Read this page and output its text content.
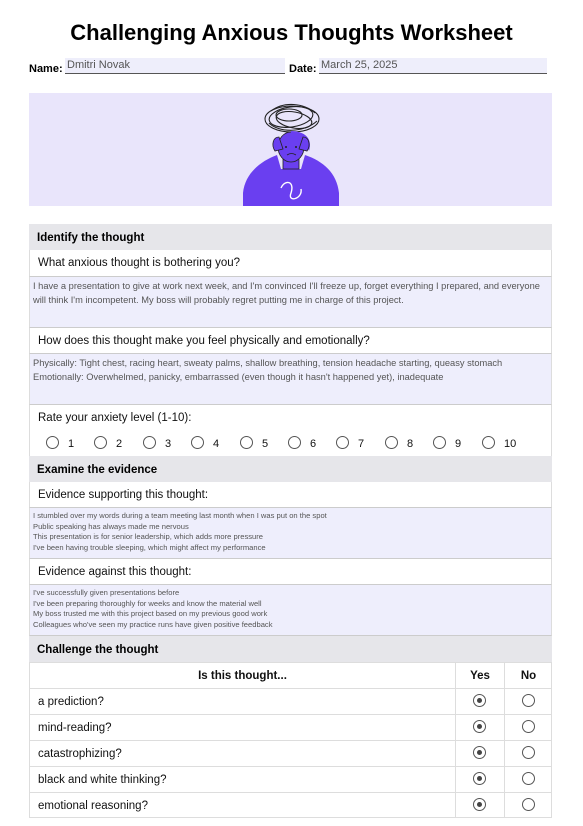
Challenging Anxious Thoughts Worksheet
Name: Dmitri Novak	Date: March 25, 2025
Identify the thought
What anxious thought is bothering you?
I have a presentation to give at work next week, and I'm convinced I'll freeze up, forget everything I prepared, and everyone will think I'm incompetent. My boss will probably regret putting me in charge of this project.
How does this thought make you feel physically and emotionally?
Physically: Tight chest, racing heart, sweaty palms, shallow breathing, tension headache starting, queasy stomach
Emotionally: Overwhelmed, panicky, embarrassed (even though it hasn't happened yet), inadequate
Rate your anxiety level (1-10):
1	2	3	4	5	6	7	8	9	10
Examine the evidence
Evidence supporting this thought:
I stumbled over my words during a team meeting last month when I was put on the spot
Public speaking has always made me nervous
This presentation is for senior leadership, which adds more pressure
I've been having trouble sleeping, which might affect my performance
Evidence against this thought:
I've successfully given presentations before
I've been preparing thoroughly for weeks and know the material well
My boss trusted me with this project based on my previous good work
Colleagues who've seen my practice runs have given positive feedback
Challenge the thought
Is this thought...	Yes	No
a prediction?
mind-reading?
catastrophizing?
black and white thinking?
emotional reasoning?
